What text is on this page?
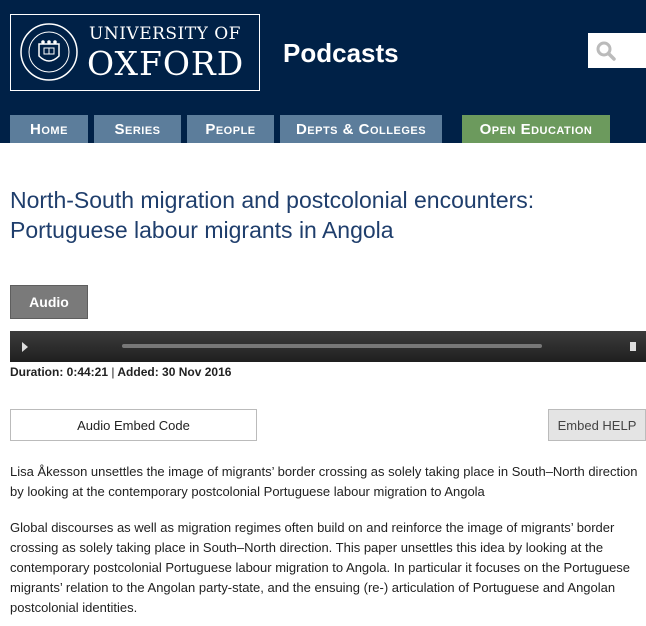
UNIVERSITY OF
OXFORD Podcasts
Home	Series	People	Depts & Colleges	Open Education
North-South migration and postcolonial encounters:
Portuguese labour migrants in Angola
Audio
Duration: 0:44:21 | Added: 30 Nov 2016
Audio Embed Code	Embed HELP
Lisa Åkesson unsettles the image of migrants’ border crossing as solely taking place in South–North direction by looking at the contemporary postcolonial Portuguese labour migration to Angola
Global discourses as well as migration regimes often build on and reinforce the image of migrants’ border crossing as solely taking place in South–North direction. This paper unsettles this idea by looking at the contemporary postcolonial Portuguese labour migration to Angola. In particular it focuses on the Portuguese migrants’ relation to the Angolan party-state, and the ensuing (re-) articulation of Portuguese and Angolan postcolonial identities.
